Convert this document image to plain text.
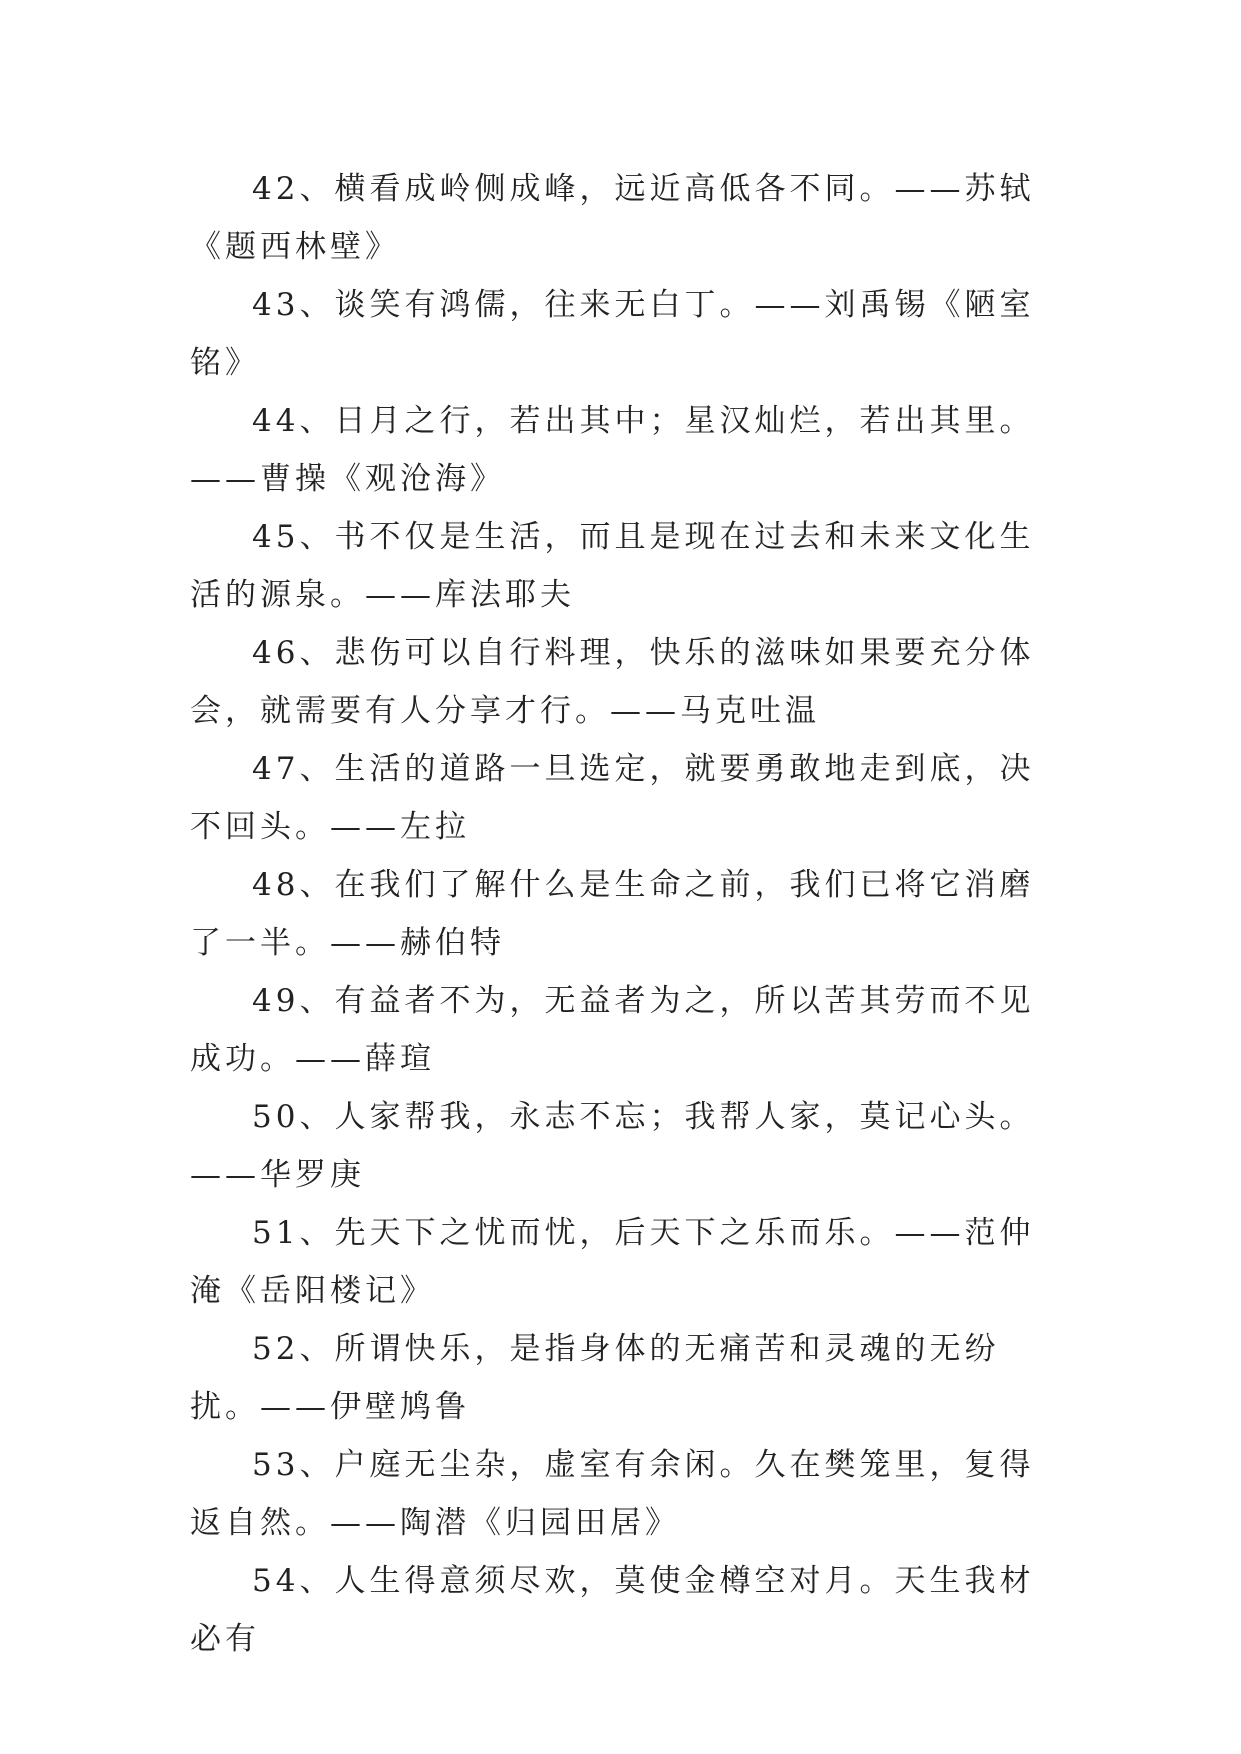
42、横看成岭侧成峰，远近高低各不同。——苏轼《题西林壁》

43、谈笑有鸿儒，往来无白丁。——刘禹锡《陋室铭》

44、日月之行，若出其中；星汉灿烂，若出其里。——曹操《观沧海》

45、书不仅是生活，而且是现在过去和未来文化生活的源泉。——库法耶夫

46、悲伤可以自行料理，快乐的滋味如果要充分体会，就需要有人分享才行。——马克吐温

47、生活的道路一旦选定，就要勇敢地走到底，决不回头。——左拉

48、在我们了解什么是生命之前，我们已将它消磨了一半。——赫伯特

49、有益者不为，无益者为之，所以苦其劳而不见成功。——薛瑄

50、人家帮我，永志不忘；我帮人家，莫记心头。——华罗庚

51、先天下之忧而忧，后天下之乐而乐。——范仲淹《岳阳楼记》

52、所谓快乐，是指身体的无痛苦和灵魂的无纷扰。——伊壁鸠鲁

53、户庭无尘杂，虚室有余闲。久在樊笼里，复得返自然。——陶潜《归园田居》

54、人生得意须尽欢，莫使金樽空对月。天生我材必有
